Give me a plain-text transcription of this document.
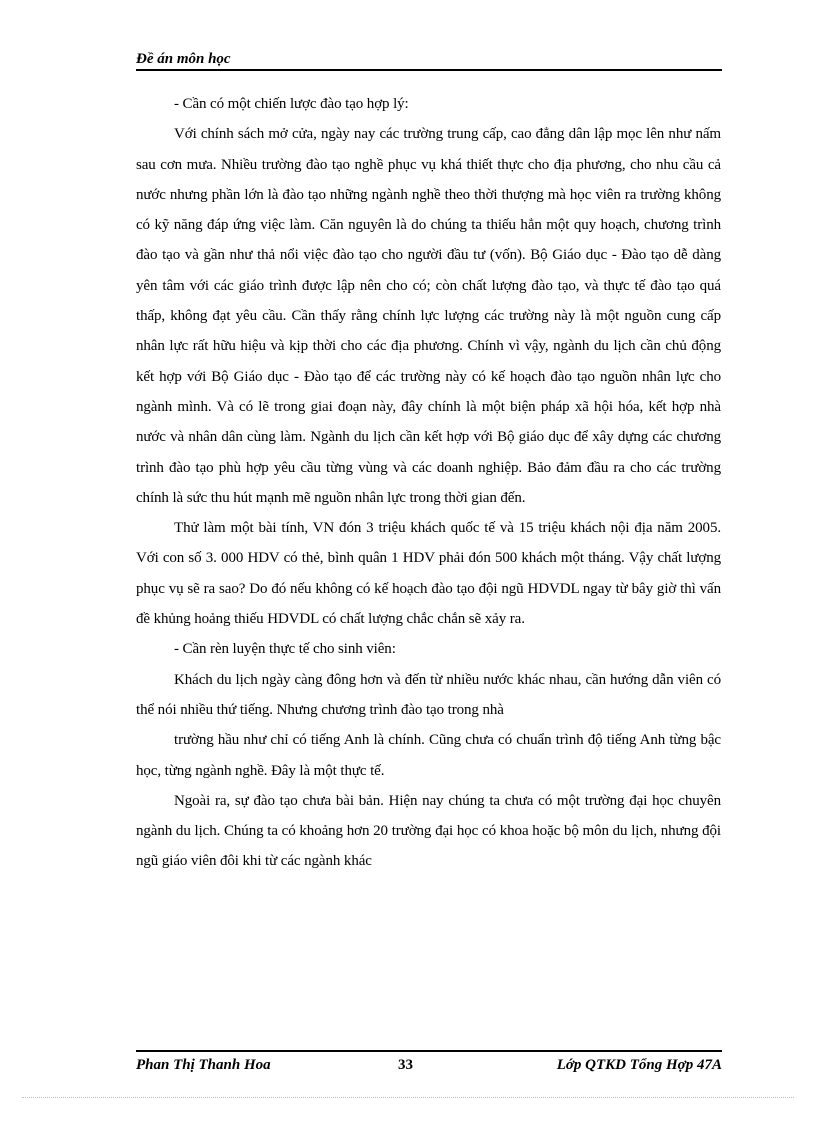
Đề án môn học

- Cần có một chiến lược đào tạo hợp lý:

Với chính sách mở cửa, ngày nay các trường trung cấp, cao đẳng dân lập mọc lên như nấm sau cơn mưa. Nhiều trường đào tạo nghề phục vụ khá thiết thực cho địa phương, cho nhu cầu cả nước nhưng phần lớn là đào tạo những ngành nghề theo thời thượng mà học viên ra trường không có kỹ năng đáp ứng việc làm. Căn nguyên là do chúng ta thiếu hẳn một quy hoạch, chương trình đào tạo và gần như thả nổi việc đào tạo cho người đầu tư (vốn). Bộ Giáo dục - Đào tạo dễ dàng yên tâm với các giáo trình được lập nên cho có; còn chất lượng đào tạo, và thực tế đào tạo quá thấp, không đạt yêu cầu. Cần thấy rằng chính lực lượng các trường này là một nguồn cung cấp nhân lực rất hữu hiệu và kịp thời cho các địa phương. Chính vì vậy, ngành du lịch cần chủ động kết hợp với Bộ Giáo dục - Đào tạo để các trường này có kế hoạch đào tạo nguồn nhân lực cho ngành mình. Và có lẽ trong giai đoạn này, đây chính là một biện pháp xã hội hóa, kết hợp nhà nước và nhân dân cùng làm. Ngành du lịch cần kết hợp với Bộ giáo dục để xây dựng các chương trình đào tạo phù hợp yêu cầu từng vùng và các doanh nghiệp. Bảo đảm đầu ra cho các trường chính là sức thu hút mạnh mẽ nguồn nhân lực trong thời gian đến.

Thử làm một bài tính, VN đón 3 triệu khách quốc tế và 15 triệu khách nội địa năm 2005. Với con số 3. 000 HDV có thẻ, bình quân 1 HDV phải đón 500 khách một tháng. Vậy chất lượng phục vụ sẽ ra sao? Do đó nếu không có kế hoạch đào tạo đội ngũ HDVDL ngay từ bây giờ thì vấn đề khủng hoảng thiếu HDVDL có chất lượng chắc chắn sẽ xảy ra.

- Cần rèn luyện thực tế cho sinh viên:

Khách du lịch ngày càng đông hơn và đến từ nhiều nước khác nhau, cần hướng dẫn viên có thể nói nhiều thứ tiếng. Nhưng chương trình đào tạo trong nhà

trường hầu như chỉ có tiếng Anh là chính. Cũng chưa có chuẩn trình độ tiếng Anh từng bậc học, từng ngành nghề. Đây là một thực tế.

Ngoài ra, sự đào tạo chưa bài bản. Hiện nay chúng ta chưa có một trường đại học chuyên ngành du lịch. Chúng ta có khoảng hơn 20 trường đại học có khoa hoặc bộ môn du lịch, nhưng đội ngũ giáo viên đôi khi từ các ngành khác

Phan Thị Thanh Hoa	33	Lớp QTKD Tổng Hợp 47A
